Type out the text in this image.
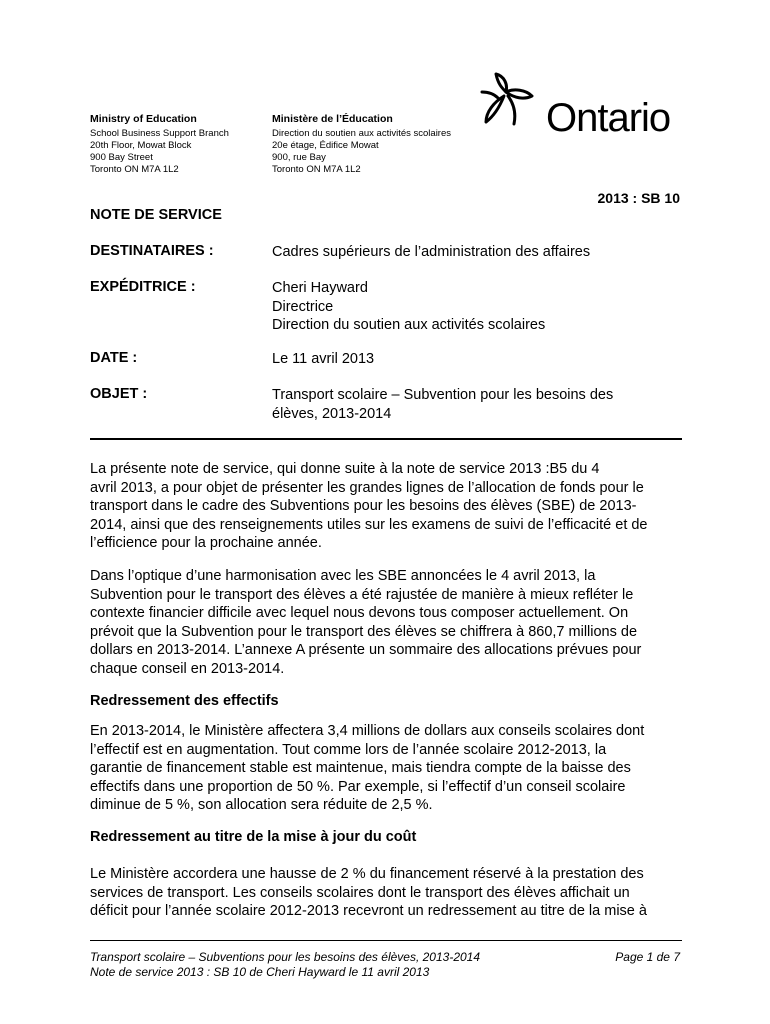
Ministry of Education
School Business Support Branch
20th Floor, Mowat Block
900 Bay Street
Toronto ON M7A 1L2
Ministère de l’Éducation
Direction du soutien aux activités scolaires
20e étage, Édifice Mowat
900, rue Bay
Toronto ON M7A 1L2
Ontario
2013 : SB 10
NOTE DE SERVICE
DESTINATAIRES :	Cadres supérieurs de l’administration des affaires
EXPÉDITRICE :	Cheri Hayward
Directrice
Direction du soutien aux activités scolaires
DATE :	Le 11 avril 2013
OBJET :	Transport scolaire – Subvention pour les besoins des
élèves, 2013-2014
La présente note de service, qui donne suite à la note de service 2013 :B5 du 4
avril 2013, a pour objet de présenter les grandes lignes de l’allocation de fonds pour le
transport dans le cadre des Subventions pour les besoins des élèves (SBE) de 2013-
2014, ainsi que des renseignements utiles sur les examens de suivi de l’efficacité et de
l’efficience pour la prochaine année.
Dans l’optique d’une harmonisation avec les SBE annoncées le 4 avril 2013, la
Subvention pour le transport des élèves a été rajustée de manière à mieux refléter le
contexte financier difficile avec lequel nous devons tous composer actuellement. On
prévoit que la Subvention pour le transport des élèves se chiffrera à 860,7 millions de
dollars en 2013-2014. L’annexe A présente un sommaire des allocations prévues pour
chaque conseil en 2013-2014.
Redressement des effectifs
En 2013-2014, le Ministère affectera 3,4 millions de dollars aux conseils scolaires dont
l’effectif est en augmentation. Tout comme lors de l’année scolaire 2012-2013, la
garantie de financement stable est maintenue, mais tiendra compte de la baisse des
effectifs dans une proportion de 50 %. Par exemple, si l’effectif d’un conseil scolaire
diminue de 5 %, son allocation sera réduite de 2,5 %.
Redressement au titre de la mise à jour du coût
Le Ministère accordera une hausse de 2 % du financement réservé à la prestation des
services de transport. Les conseils scolaires dont le transport des élèves affichait un
déficit pour l’année scolaire 2012-2013 recevront un redressement au titre de la mise à
Transport scolaire – Subventions pour les besoins des élèves, 2013-2014
Note de service 2013 : SB 10 de Cheri Hayward le 11 avril 2013
Page 1 de 7
